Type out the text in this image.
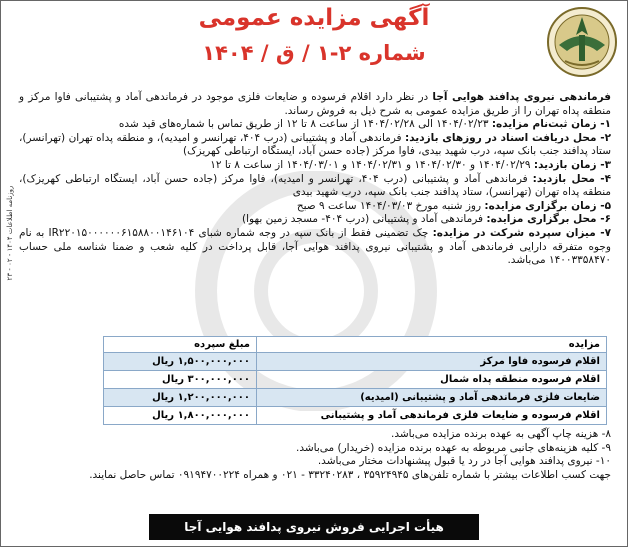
آگهی مزایده عمومی
شماره ۲-۱ / ق / ۱۴۰۴

فرماندهی نیروی پدافند هوایی آجا در نظر دارد اقلام فرسوده و ضایعات فلزی موجود در فرماندهی آماد و پشتیبانی فاوا مرکز و منطقه پداه تهران را از طریق مزایده عمومی به شرح ذیل به فروش رساند.

۱- زمان ثبت‌نام مزایده: ۱۴۰۴/۰۲/۲۳ الی ۱۴۰۴/۰۲/۲۸ از ساعت ۸ تا ۱۲ از طریق تماس با شماره‌های قید شده

۲- محل دریافت اسناد در روزهای بازدید: فرماندهی آماد و پشتیبانی (درب ۴۰۴، تهرانسر و امیدیه)، و منطقه پداه تهران (تهرانسر)، ستاد پدافند جنب بانک سپه، درب شهید بیدی، فاوا مرکز (جاده حسن آباد، ایستگاه ارتباطی کهریزک)

۳- زمان بازدید: ۱۴۰۴/۰۲/۲۹ و ۱۴۰۴/۰۲/۳۰ و ۱۴۰۴/۰۲/۳۱ و ۱۴۰۴/۰۳/۰۱ از ساعت ۸ تا ۱۲

۴- محل بازدید: فرماندهی آماد و پشتیبانی (درب ۴۰۴، تهرانسر و امیدیه)، فاوا مرکز (جاده حسن آباد، ایستگاه ارتباطی کهریزک)، منطقه پداه تهران (تهرانسر)، ستاد پدافند جنب بانک سپه، درب شهید بیدی

۵- زمان برگزاری مزایده: روز شنبه مورخ ۱۴۰۴/۰۳/۰۳ ساعت ۹ صبح

۶- محل برگزاری مزایده: فرماندهی آماد و پشتیبانی (درب ۴۰۴- مسجد زمین بهوا)

۷- میزان سپرده شرکت در مزایده: چک تضمینی فقط از بانک سپه در وجه شماره شبای IR۲۲۰۱۵۰۰۰۰۰۰۶۱۵۸۸۰۰۱۴۶۱۰۴ به نام وجوه متفرقه دارایی فرماندهی آماد و پشتیبانی نیروی پدافند هوایی آجا، قابل پرداخت در کلیه شعب و ضمنا شناسه ملی حساب ۱۴۰۰۳۳۵۸۴۷۰ می‌باشد.

مزایده	مبلغ سپرده
اقلام فرسوده فاوا مرکز	۱,۵۰۰,۰۰۰,۰۰۰ ریال
اقلام فرسوده منطقه پداه شمال	۳۰۰,۰۰۰,۰۰۰ ریال
ضایعات فلزی فرماندهی آماد و پشتیبانی (امیدیه)	۱,۲۰۰,۰۰۰,۰۰۰ ریال
اقلام فرسوده و ضایعات فلزی فرماندهی آماد و پشتیبانی	۱,۸۰۰,۰۰۰,۰۰۰ ریال

۸- هزینه چاپ آگهی به عهده برنده مزایده می‌باشد.

۹- کلیه هزینه‌های جانبی مربوطه به عهده برنده مزایده (خریدار) می‌باشد.

۱۰- نیروی پدافند هوایی آجا در رد یا قبول پیشنهادات مختار می‌باشد.

جهت کسب اطلاعات بیشتر با شماره تلفن‌های ۳۵۹۲۴۹۴۵ ، ۳۳۲۴۰۲۸۳ - ۰۲۱ و همراه ۰۹۱۹۴۷۰۰۲۲۴ تماس حاصل نمایند.

هیأت اجرایی فروش نیروی پدافند هوایی آجا
روزنامه اطلاعات ۱۴۰۴ - ۰۲ - ۲۳
